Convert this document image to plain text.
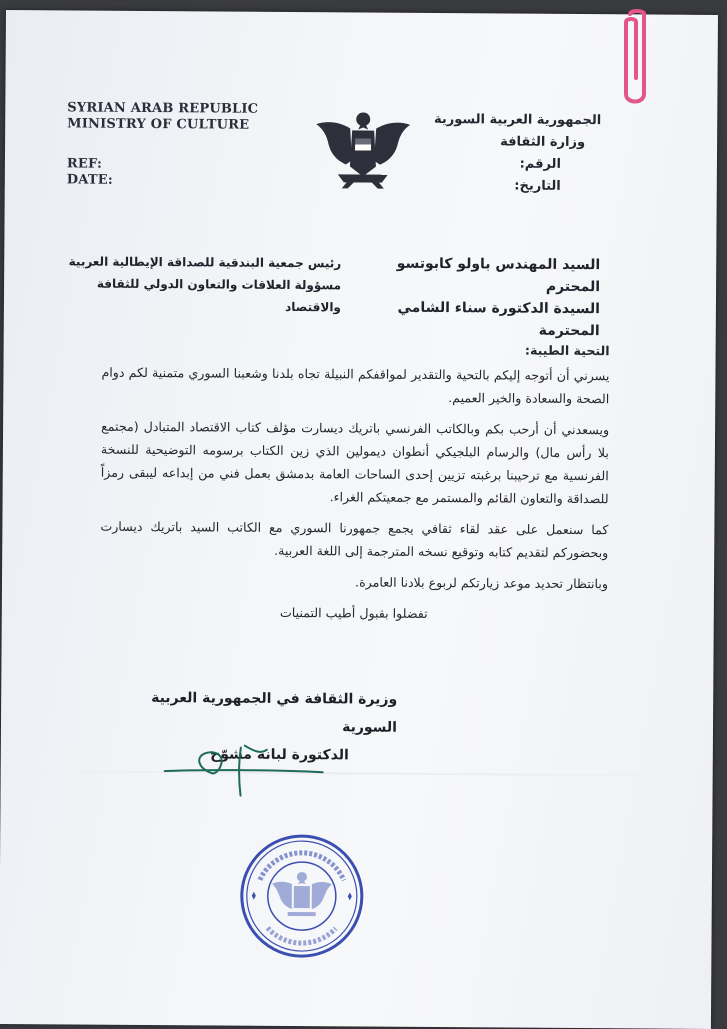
SYRIAN ARAB REPUBLIC
MINISTRY OF CULTURE
REF:
DATE:
الجمهورية العربية السورية
وزارة الثقافة
الرقم:
التاريخ:
السيد المهندس باولو كابوتسو المحترم
السيدة الدكتورة سناء الشامي المحترمة
رئيس جمعية البندقية للصداقة الإيطالية العربية
مسؤولة العلاقات والتعاون الدولي للثقافة والاقتصاد

التحية الطيبة:

يسرني أن أتوجه إليكم بالتحية والتقدير لمواقفكم النبيلة تجاه بلدنا وشعبنا السوري متمنية لكم دوام الصحة والسعادة والخير العميم.

ويسعدني أن أرحب بكم وبالكاتب الفرنسي باتريك ديسارت مؤلف كتاب الاقتصاد المتبادل (مجتمع بلا رأس مال) والرسام البلجيكي أنطوان ديمولين الذي زين الكتاب برسومه التوضيحية للنسخة الفرنسية مع ترحيبنا برغبته تزيين إحدى الساحات العامة بدمشق بعمل فني من إبداعه ليبقى رمزاً للصداقة والتعاون القائم والمستمر مع جمعيتكم الغراء.

كما سنعمل على عقد لقاء ثقافي يجمع جمهورنا السوري مع الكاتب السيد باتريك ديسارت وبحضوركم لتقديم كتابه وتوقيع نسخه المترجمة إلى اللغة العربية.

وبانتظار تحديد موعد زيارتكم لربوع بلادنا العامرة.

تفضلوا بقبول أطيب التمنيات

وزيرة الثقافة في الجمهورية العربية السورية
الدكتورة لبانة مشوّح
